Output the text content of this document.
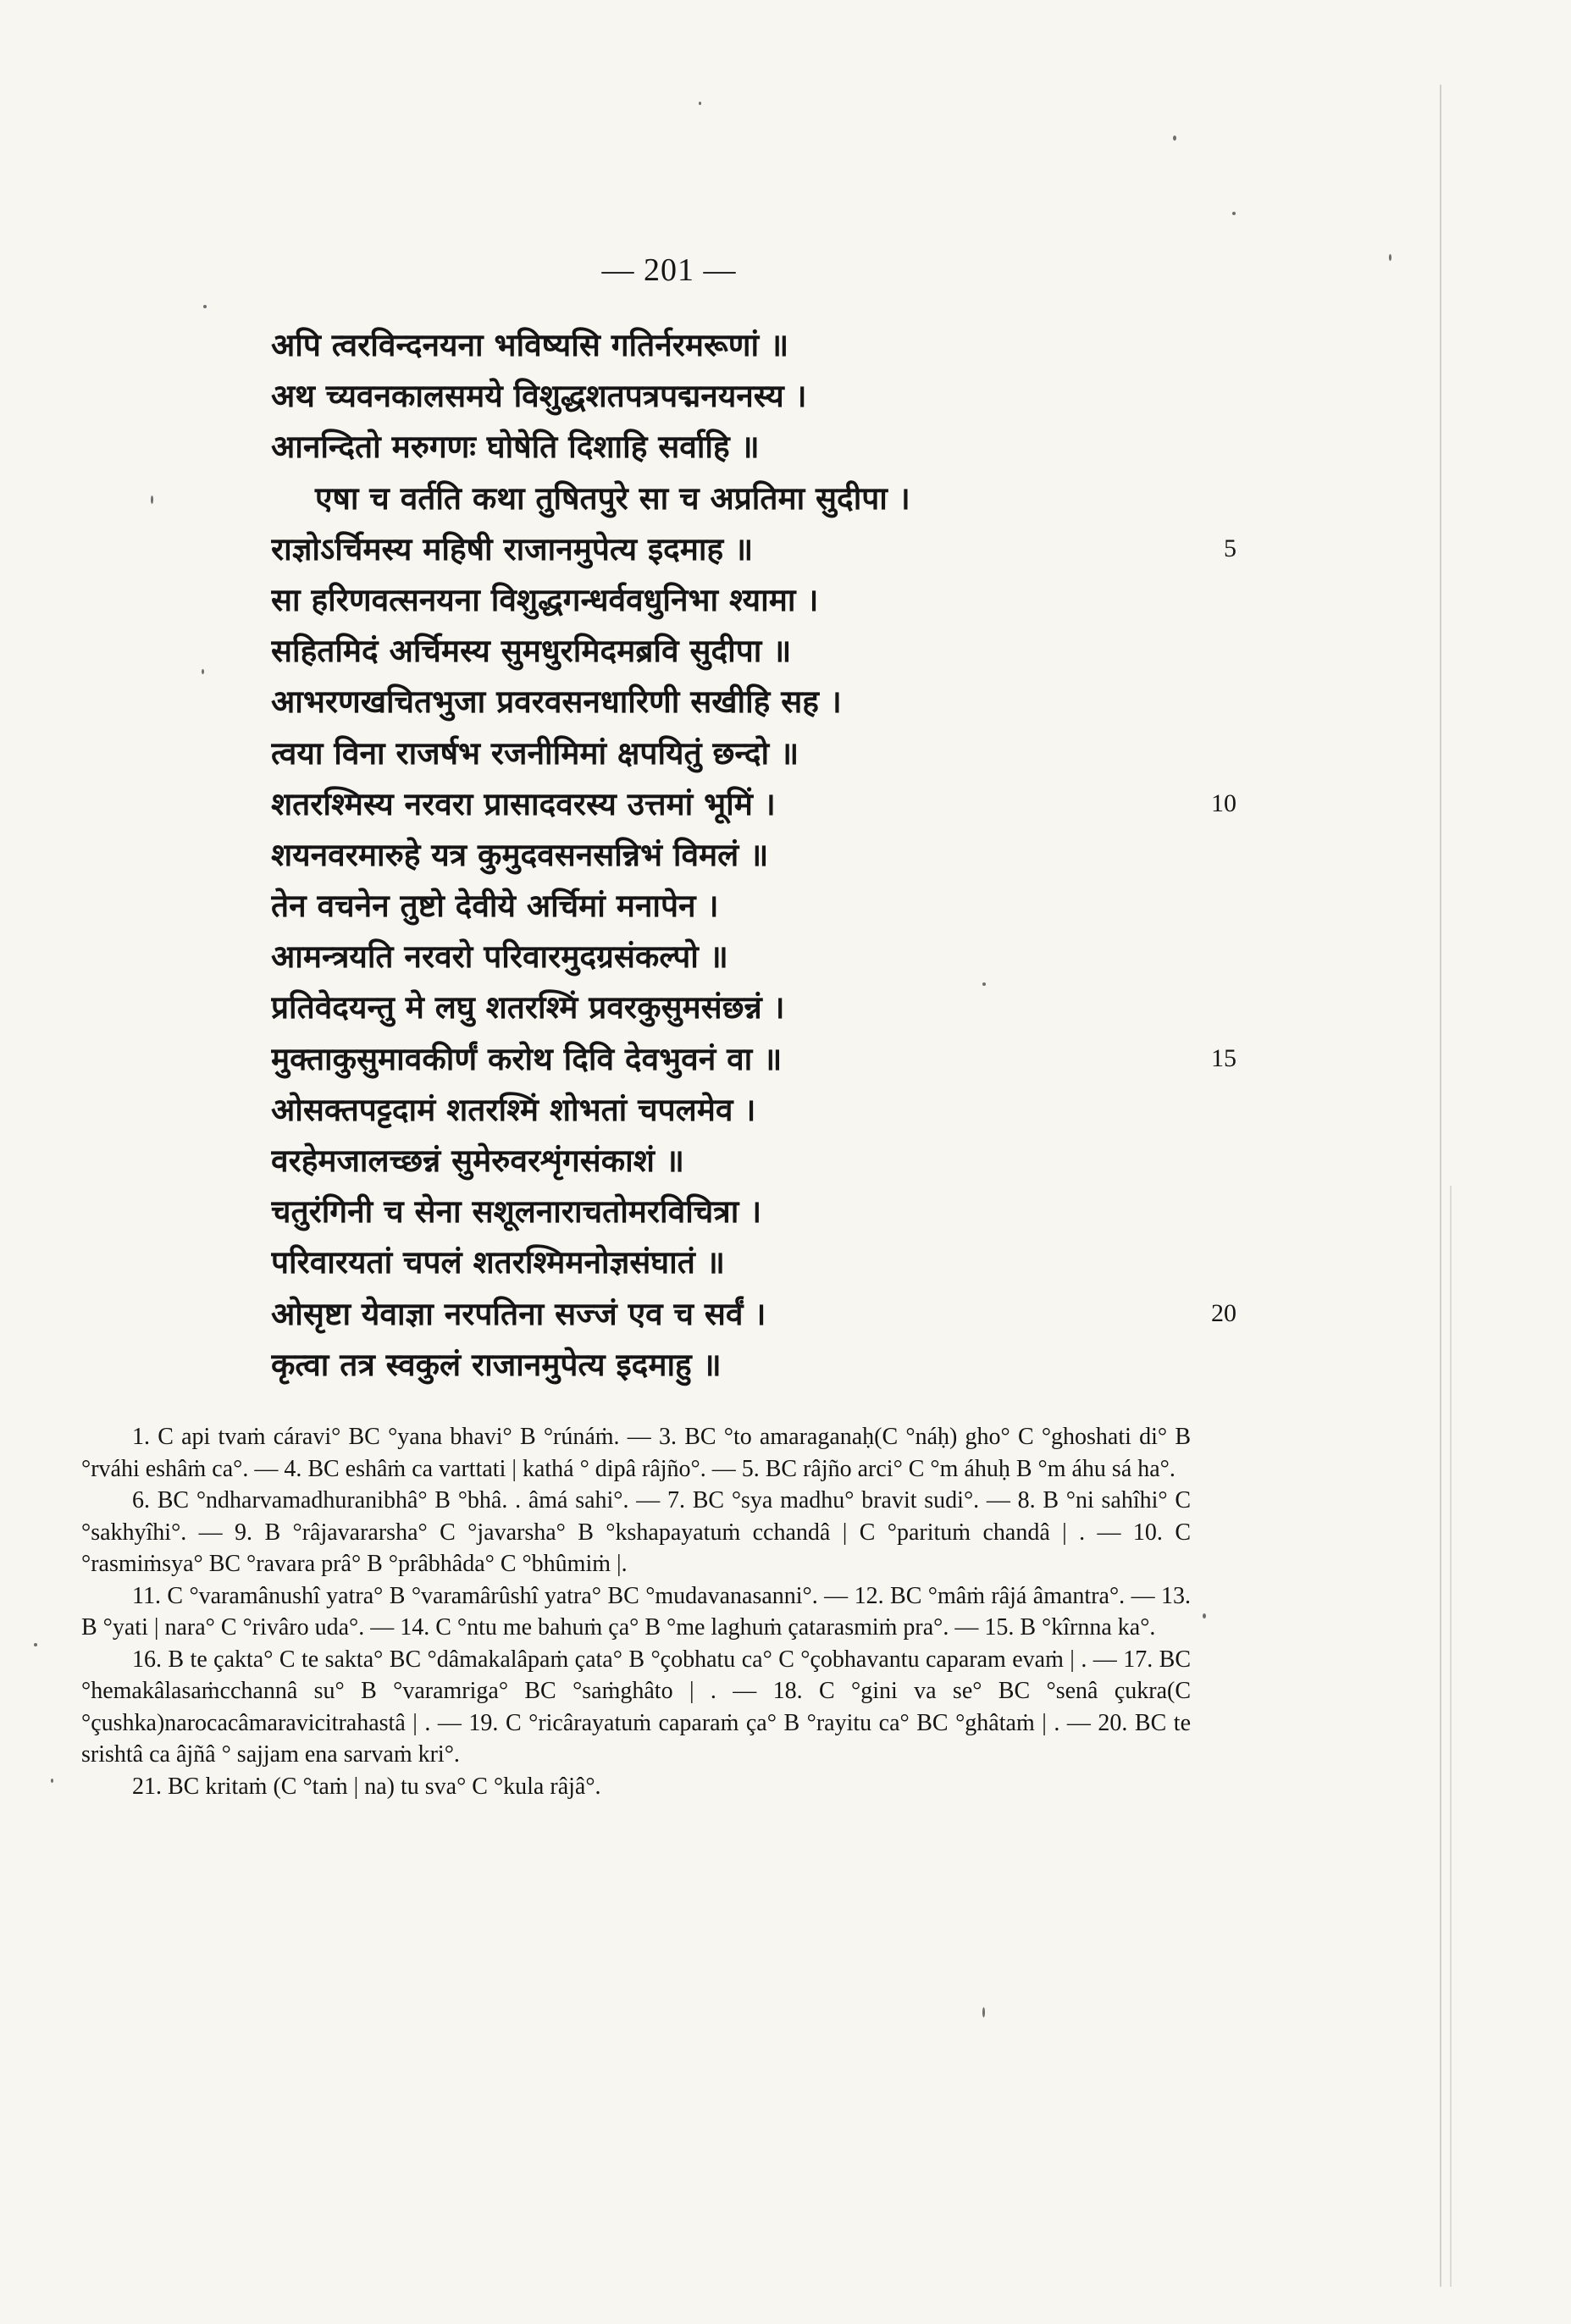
— 201 —
अपि त्वरविन्दनयना भविष्यसि गतिर्नरमरूणां ॥
अथ च्यवनकालसमये विशुद्धशतपत्रपद्मनयनस्य ।
आनन्दितो मरुगणः घोषेति दिशाहि सर्वाहि ॥
एषा च वर्तति कथा तुषितपुरे सा च अप्रतिमा सुदीपा ।
राज्ञोऽर्चिमस्य महिषी राजानमुपेत्य इदमाह ॥
सा हरिणवत्सनयना विशुद्धगन्धर्ववधुनिभा श्यामा ।
सहितमिदं अर्चिमस्य सुमधुरमिदमब्रवि सुदीपा ॥
आभरणखचितभुजा प्रवरवसनधारिणी सखीहि सह ।
त्वया विना राजर्षभ रजनीमिमां क्षपयितुं छन्दो ॥
शतरश्मिस्य नरवरा प्रासादवरस्य उत्तमां भूमिं ।
शयनवरमारुहे यत्र कुमुदवसनसन्निभं विमलं ॥
तेन वचनेन तुष्टो देवीये अर्चिमां मनापेन ।
आमन्त्रयति नरवरो परिवारमुदग्रसंकल्पो ॥
प्रतिवेदयन्तु मे लघु शतरश्मिं प्रवरकुसुमसंछन्नं ।
मुक्ताकुसुमावकीर्णं करोथ दिवि देवभुवनं वा ॥
ओसक्तपट्टदामं शतरश्मिं शोभतां चपलमेव ।
वरहेमजालच्छन्नं सुमेरुवरशृंगसंकाशं ॥
चतुरंगिनी च सेना सशूलनाराचतोमरविचित्रा ।
परिवारयतां चपलं शतरश्मिमनोज्ञसंघातं ॥
ओसृष्टा येवाज्ञा नरपतिना सज्जं एव च सर्वं ।
कृत्वा तत्र स्वकुलं राजानमुपेत्य इदमाहु ॥
5
10
15
20
1. C api tvaṁ cáravi° BC °yana bhavi° B °rúnáṁ. — 3. BC °to amaraganaḥ(C °náḥ) gho° C °ghoshati di° B °rváhi eshâṁ ca°. — 4. BC eshâṁ ca varttati | kathá ° dipâ râjño°. — 5. BC râjño arci° C °m áhuḥ B °m áhu sá ha°.
6. BC °ndharvamadhuranibhâ° B °bhâ. . âmá sahi°. — 7. BC °sya madhu° bravit sudi°. — 8. B °ni sahîhi° C °sakhyîhi°. — 9. B °râjavararsha° C °javarsha° B °kshapayatuṁ cchandâ | C °parituṁ chandâ | . — 10. C °rasmiṁsya° BC °ravara prâ° B °prâbhâda° C °bhûmiṁ |.
11. C °varamânushî yatra° B °varamârûshî yatra° BC °mudavanasanni°. — 12. BC °mâṁ râjá âmantra°. — 13. B °yati | nara° C °rivâro uda°. — 14. C °ntu me bahuṁ ça° B °me laghuṁ çatarasmiṁ pra°. — 15. B °kîrnna ka°.
16. B te çakta° C te sakta° BC °dâmakalâpaṁ çata° B °çobhatu ca° C °çobhavantu caparam evaṁ | . — 17. BC °hemakâlasaṁcchannâ su° B °varamriga° BC °saṁghâto | . — 18. C °gini va se° BC °senâ çukra(C °çushka)narocacâmaravicitrahastâ | . — 19. C °ricârayatuṁ caparaṁ ça° B °rayitu ca° BC °ghâtaṁ | . — 20. BC te srishtâ ca âjñâ ° sajjam ena sarvaṁ kri°.
21. BC kritaṁ (C °taṁ | na) tu sva° C °kula râjâ°.
